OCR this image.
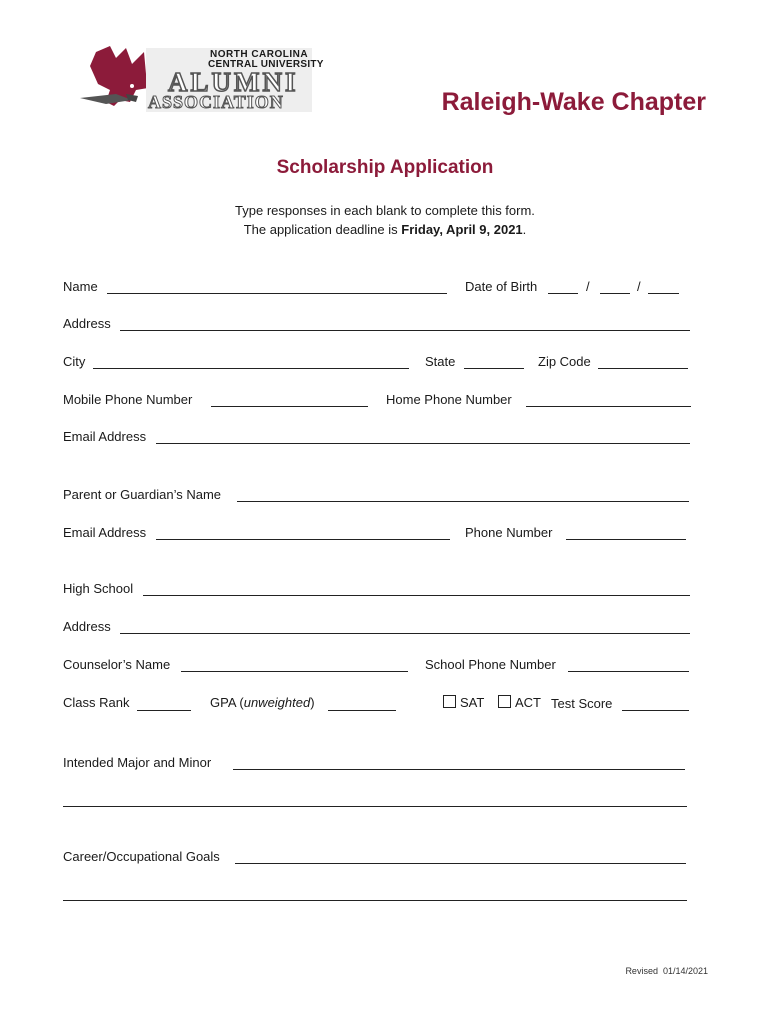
NORTH CAROLINA
CENTRAL UNIVERSITY
ALUMNI
ASSOCIATION	Raleigh-Wake Chapter
Scholarship Application
Type responses in each blank to complete this form.
The application deadline is Friday, April 9, 2021.
Name	Date of Birth	/	/
Address
City	State	Zip Code
Mobile Phone Number	Home Phone Number
Email Address
Parent or Guardian’s Name
Email Address	Phone Number
High School
Address
Counselor’s Name	School Phone Number
Class Rank	GPA (unweighted)	SAT	ACT Test Score
Intended Major and Minor
Career/Occupational Goals
Revised  01/14/2021
